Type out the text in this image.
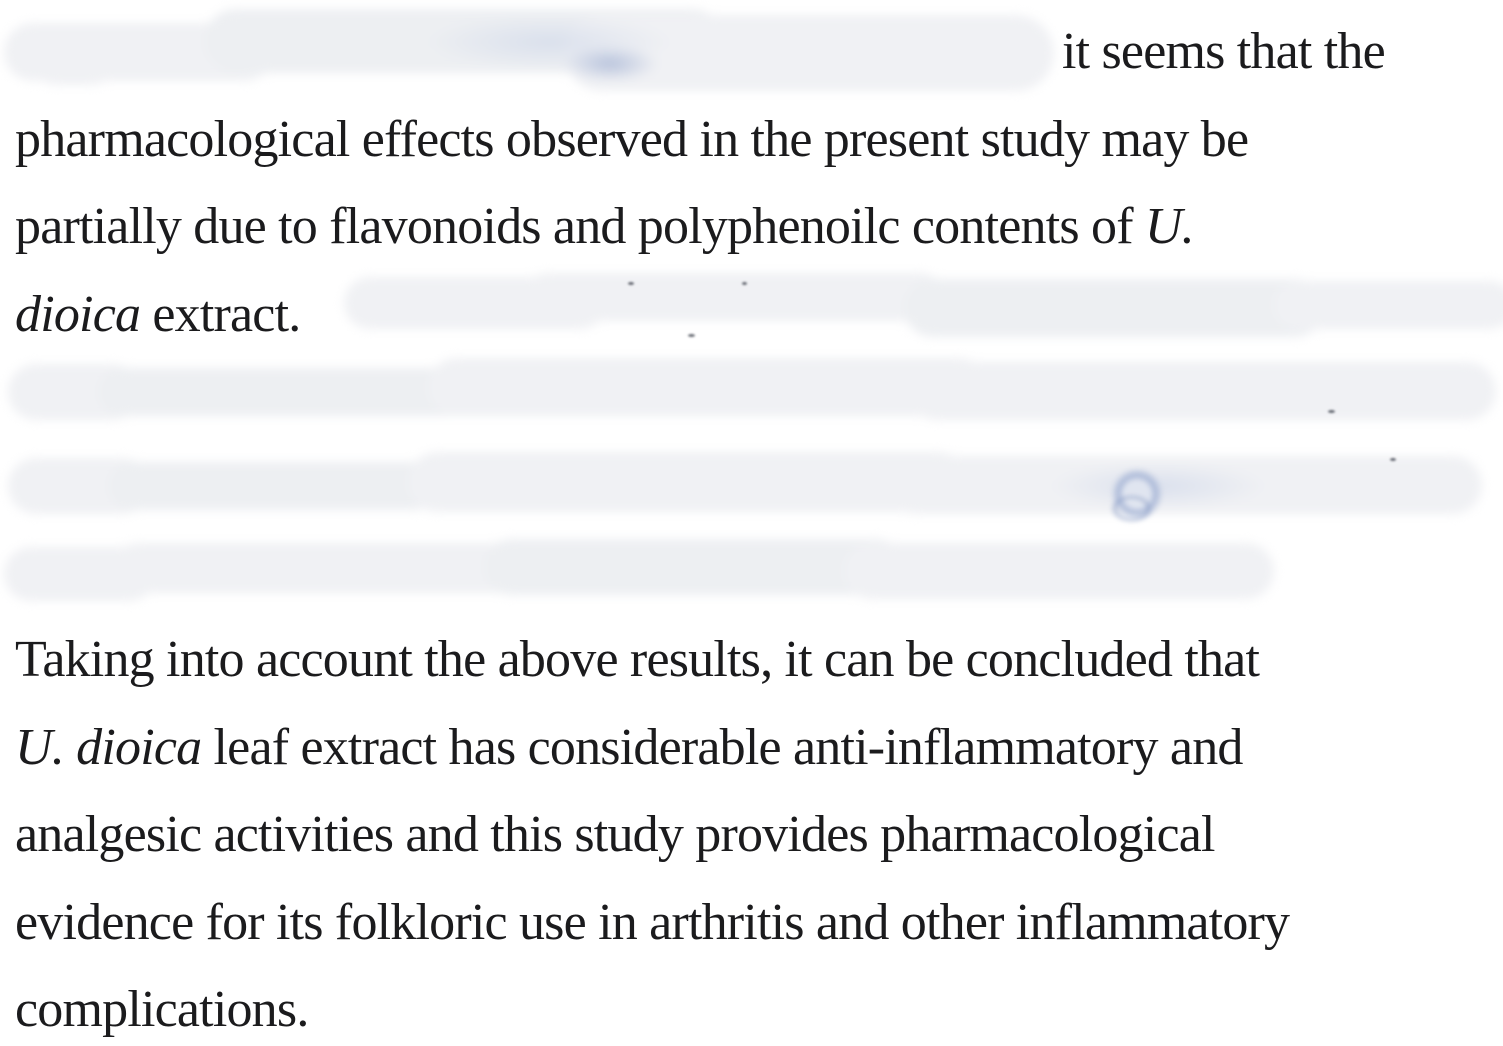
it seems that the
pharmacological effects observed in the present study may be
partially due to flavonoids and polyphenoilc contents of U.
dioica extract.
Taking into account the above results, it can be concluded that
U. dioica leaf extract has considerable anti-inflammatory and
analgesic activities and this study provides pharmacological
evidence for its folkloric use in arthritis and other inflammatory
complications.
